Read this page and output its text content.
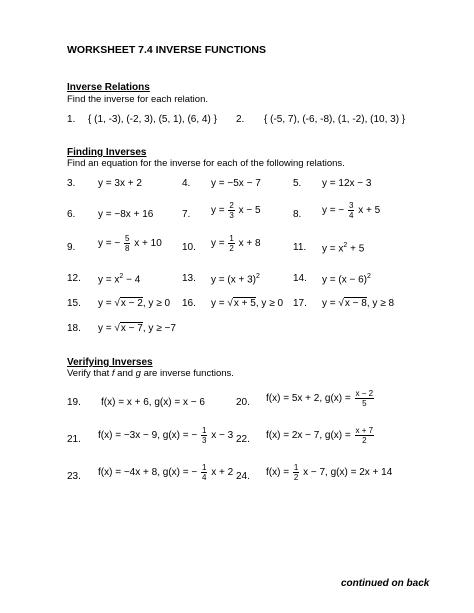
WORKSHEET 7.4 INVERSE FUNCTIONS
Inverse Relations
Find the inverse for each relation.
1. { (1, -3), (-2, 3), (5, 1), (6, 4) } 2. { (-5, 7), (-6, -8), (1, -2), (10, 3) }
Finding Inverses
Find an equation for the inverse for each of the following relations.
3. y = 3x + 2	4. y = −5x − 7	5. y = 12x − 3
6. y = −8x + 16	7. $y = \frac{2}{3}$ x − 5	8. y = − $\frac{3}{4}$ x + 5
9. y = − $\frac{5}{8}$ x + 10 10. $y = \frac{1}{2}$ x + 8	11. $y = x^2 + 5$
12. $y = x^2 - 4$	13. $y = (x + 3)^2$	14. $y = (x - 6)^2$
15. y = √x − 2, y ≥ 0 16. y = √x + 5, y ≥ 0 17. y = √x − 8, y ≥ 8
18. y = √x − 7, y ≥ −7
Verifying Inverses
Verify that f and g are inverse functions.
19. f(x) = x + 6, g(x) = x − 6	20. f(x) = 5x + 2, $g(x) = \frac{x - 2}{5}$
21. f(x) = −3x − 9, g(x) = − $\frac{1}{3}$ x − 3 22. f(x) = 2x − 7, $g(x) = \frac{x + 7}{2}$
23. f(x) = −4x + 8, g(x) = − $\frac{1}{4}$ x + 2 24. $f(x) = \frac{1}{2}$ x − 7, g(x) = 2x + 14
continued on back
